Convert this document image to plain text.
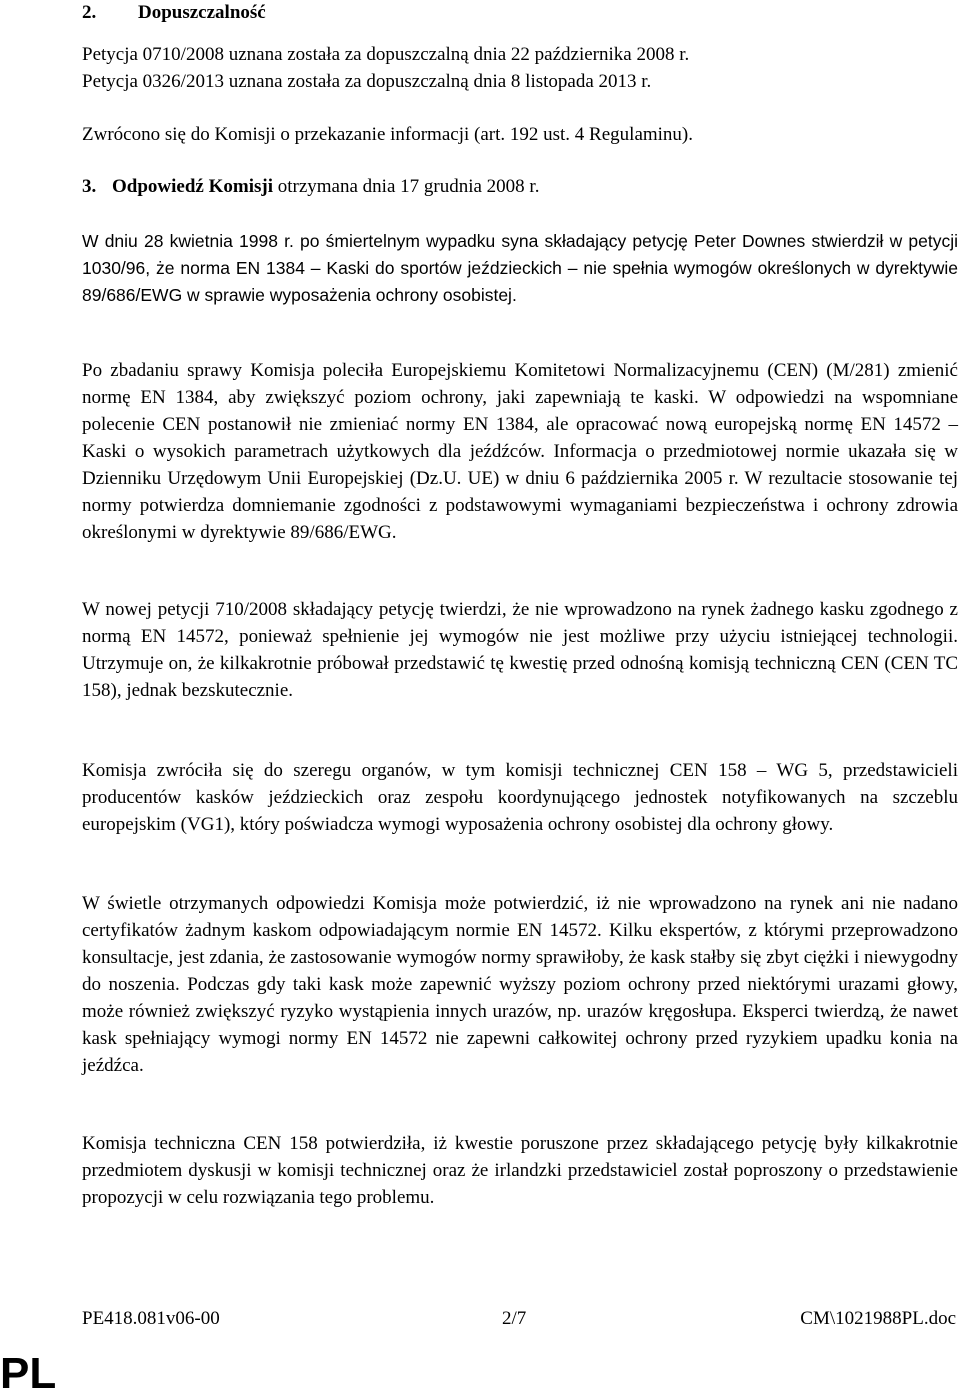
2. Dopuszczalność
Petycja 0710/2008 uznana została za dopuszczalną dnia 22 października 2008 r.
Petycja 0326/2013 uznana została za dopuszczalną dnia 8 listopada 2013 r.
Zwrócono się do Komisji o przekazanie informacji (art. 192 ust. 4 Regulaminu).
3. Odpowiedź Komisji otrzymana dnia 17 grudnia 2008 r.

W dniu 28 kwietnia 1998 r. po śmiertelnym wypadku syna składający petycję Peter Downes stwierdził w petycji 1030/96, że norma EN 1384 – Kaski do sportów jeździeckich – nie spełnia wymogów określonych w dyrektywie 89/686/EWG w sprawie wyposażenia ochrony osobistej.

Po zbadaniu sprawy Komisja poleciła Europejskiemu Komitetowi Normalizacyjnemu (CEN) (M/281) zmienić normę EN 1384, aby zwiększyć poziom ochrony, jaki zapewniają te kaski. W odpowiedzi na wspomniane polecenie CEN postanowił nie zmieniać normy EN 1384, ale opracować nową europejską normę EN 14572 – Kaski o wysokich parametrach użytkowych dla jeźdźców. Informacja o przedmiotowej normie ukazała się w Dzienniku Urzędowym Unii Europejskiej (Dz.U. UE) w dniu 6 października 2005 r. W rezultacie stosowanie tej normy potwierdza domniemanie zgodności z podstawowymi wymaganiami bezpieczeństwa i ochrony zdrowia określonymi w dyrektywie 89/686/EWG.

W nowej petycji 710/2008 składający petycję twierdzi, że nie wprowadzono na rynek żadnego kasku zgodnego z normą EN 14572, ponieważ spełnienie jej wymogów nie jest możliwe przy użyciu istniejącej technologii. Utrzymuje on, że kilkakrotnie próbował przedstawić tę kwestię przed odnośną komisją techniczną CEN (CEN TC 158), jednak bezskutecznie.

Komisja zwróciła się do szeregu organów, w tym komisji technicznej CEN 158 – WG 5, przedstawicieli producentów kasków jeździeckich oraz zespołu koordynującego jednostek notyfikowanych na szczeblu europejskim (VG1), który poświadcza wymogi wyposażenia ochrony osobistej dla ochrony głowy.

W świetle otrzymanych odpowiedzi Komisja może potwierdzić, iż nie wprowadzono na rynek ani nie nadano certyfikatów żadnym kaskom odpowiadającym normie EN 14572. Kilku ekspertów, z którymi przeprowadzono konsultacje, jest zdania, że zastosowanie wymogów normy sprawiłoby, że kask stałby się zbyt ciężki i niewygodny do noszenia. Podczas gdy taki kask może zapewnić wyższy poziom ochrony przed niektórymi urazami głowy, może również zwiększyć ryzyko wystąpienia innych urazów, np. urazów kręgosłupa. Eksperci twierdzą, że nawet kask spełniający wymogi normy EN 14572 nie zapewni całkowitej ochrony przed ryzykiem upadku konia na jeźdźca.

Komisja techniczna CEN 158 potwierdziła, iż kwestie poruszone przez składającego petycję były kilkakrotnie przedmiotem dyskusji w komisji technicznej oraz że irlandzki przedstawiciel został poproszony o przedstawienie propozycji w celu rozwiązania tego problemu.

PE418.081v06-00	2/7	CM\1021988PL.doc
PL
